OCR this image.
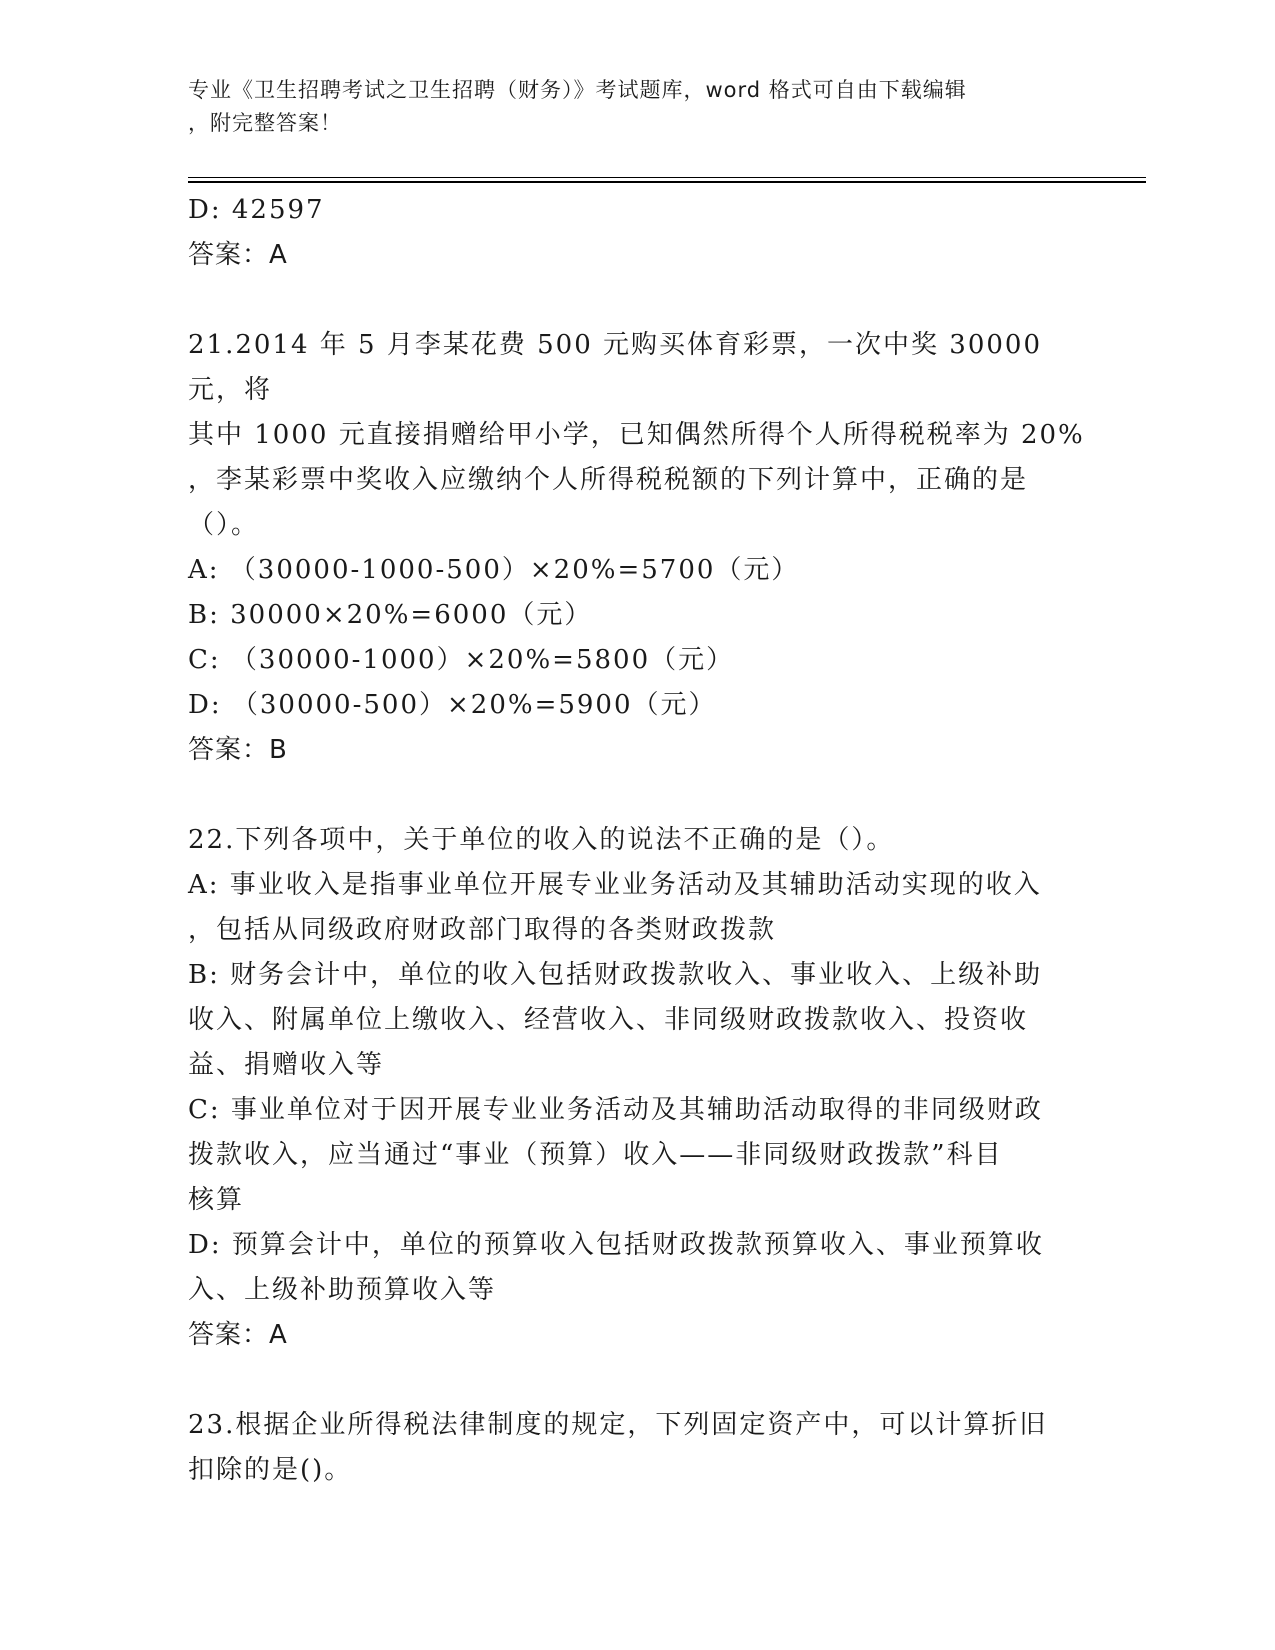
专业《卫生招聘考试之卫生招聘（财务）》考试题库，word 格式可自由下载编辑
，附完整答案！

D: 42597

答案：A

21.2014 年 5 月李某花费 500 元购买体育彩票，一次中奖 30000 元，将

其中 1000 元直接捐赠给甲小学，已知偶然所得个人所得税税率为 20%

，李某彩票中奖收入应缴纳个人所得税税额的下列计算中，正确的是

（）。

A: （30000-1000-500）×20%=5700（元）

B: 30000×20%=6000（元）

C: （30000-1000）×20%=5800（元）

D: （30000-500）×20%=5900（元）

答案：B

22.下列各项中，关于单位的收入的说法不正确的是（）。

A: 事业收入是指事业单位开展专业业务活动及其辅助活动实现的收入

，包括从同级政府财政部门取得的各类财政拨款

B: 财务会计中，单位的收入包括财政拨款收入、事业收入、上级补助

收入、附属单位上缴收入、经营收入、非同级财政拨款收入、投资收

益、捐赠收入等

C: 事业单位对于因开展专业业务活动及其辅助活动取得的非同级财政

拨款收入，应当通过“事业（预算）收入——非同级财政拨款”科目

核算

D: 预算会计中，单位的预算收入包括财政拨款预算收入、事业预算收

入、上级补助预算收入等

答案：A

23.根据企业所得税法律制度的规定，下列固定资产中，可以计算折旧

扣除的是()。
